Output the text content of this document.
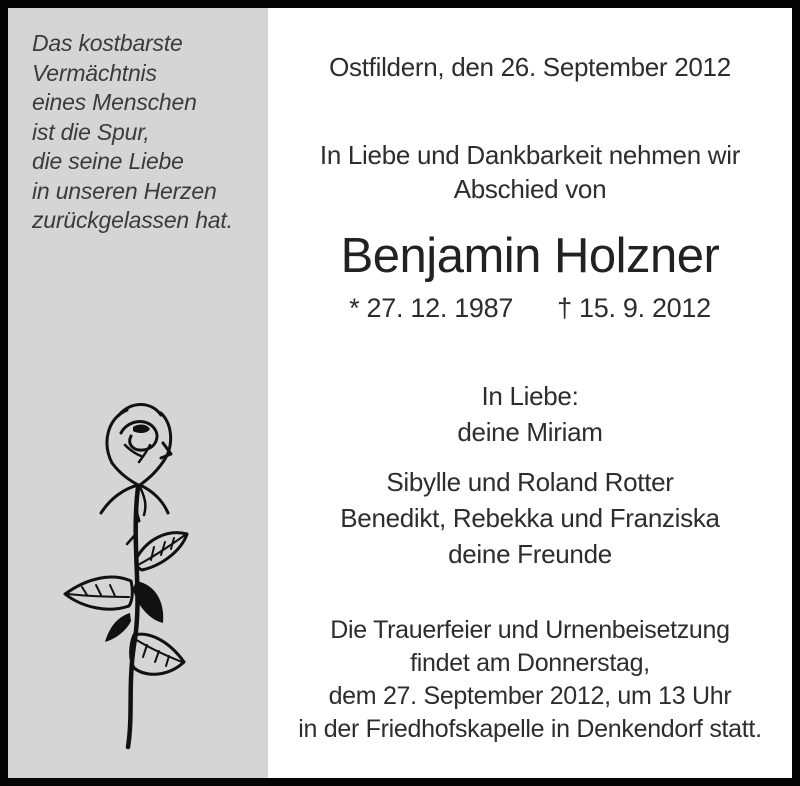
Das kostbarste
Vermächtnis
eines Menschen
ist die Spur,
die seine Liebe
in unseren Herzen
zurückgelassen hat.
Ostfildern, den 26. September 2012
In Liebe und Dankbarkeit nehmen wir
Abschied von
Benjamin Holzner
* 27. 12. 1987 † 15. 9. 2012
In Liebe:
deine Miriam
Sibylle und Roland Rotter
Benedikt, Rebekka und Franziska
deine Freunde
Die Trauerfeier und Urnenbeisetzung
findet am Donnerstag,
dem 27. September 2012, um 13 Uhr
in der Friedhofskapelle in Denkendorf statt.
